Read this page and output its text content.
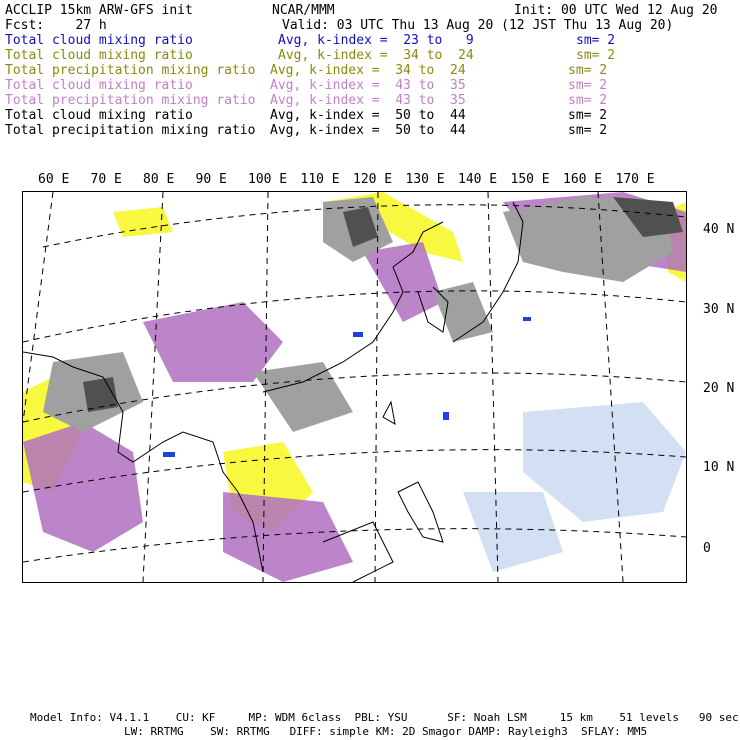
ACCLIP 15km ARW-GFS init	NCAR/MMM	Init: 00 UTC Wed 12 Aug 20
Fcst:    27 h	Valid: 03 UTC Thu 13 Aug 20 (12 JST Thu 13 Aug 20)
Total cloud mixing ratio	Avg, k-index =  23 to   9	sm= 2
Total cloud mixing ratio	Avg, k-index =  34 to  24	sm= 2
Total precipitation mixing ratio Avg, k-index =  34 to  24	sm= 2
Total cloud mixing ratio	Avg, k-index =  43 to  35	sm= 2
Total precipitation mixing ratio Avg, k-index =  43 to  35	sm= 2
Total cloud mixing ratio	Avg, k-index =  50 to  44	sm= 2
Total precipitation mixing ratio Avg, k-index =  50 to  44	sm= 2
60 E 70 E 80 E 90 E 100 E 110 E 120 E 130 E 140 E 150 E 160 E 170 E
40 N
30 N
20 N
10 N
0
Model Info: V4.1.1    CU: KF     MP: WDM 6class  PBL: YSU      SF: Noah LSM     15 km    51 levels   90 sec
LW: RRTMG    SW: RRTMG   DIFF: simple KM: 2D Smagor DAMP: Rayleigh3  SFLAY: MM5
